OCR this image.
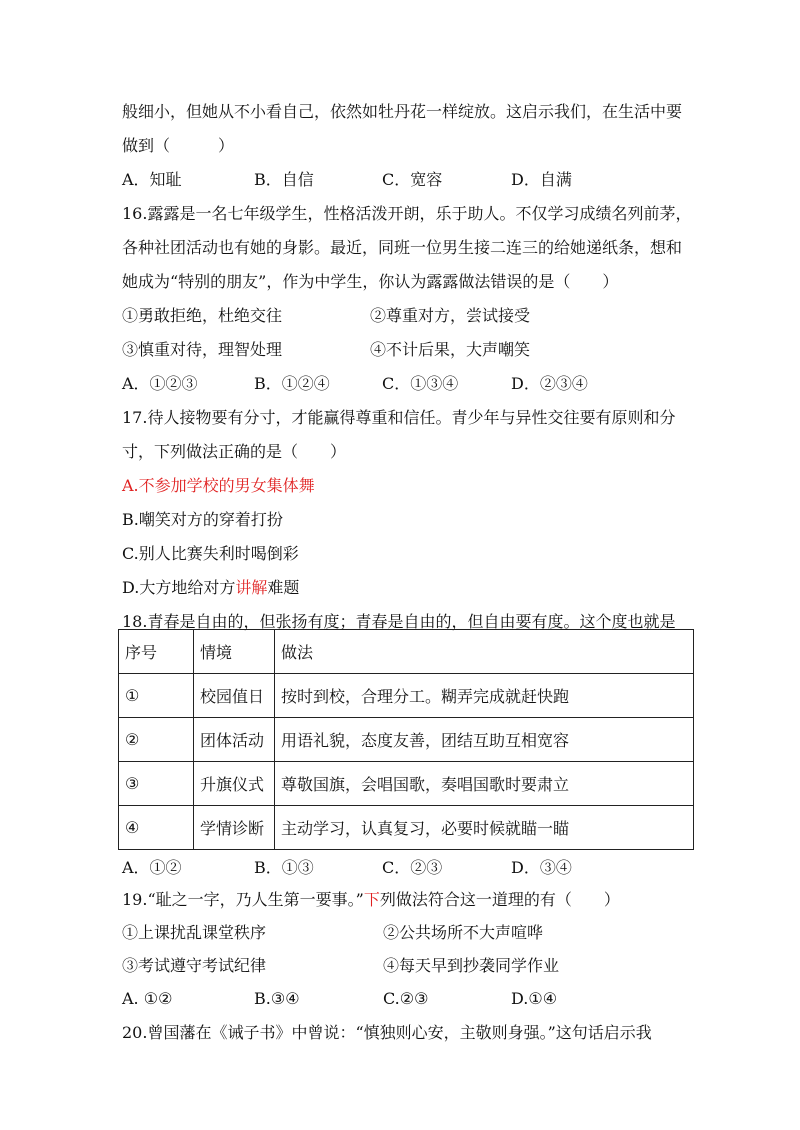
般细小，但她从不小看自己，依然如牡丹花一样绽放。这启示我们，在生活中要
做到（　　　）
A．知耻	B．自信	C．宽容	D．自满
16.露露是一名七年级学生，性格活泼开朗，乐于助人。不仅学习成绩名列前茅，
各种社团活动也有她的身影。最近，同班一位男生接二连三的给她递纸条，想和
她成为“特别的朋友”，作为中学生，你认为露露做法错误的是（　　）
①勇敢拒绝，杜绝交往	②尊重对方，尝试接受
③慎重对待，理智处理	④不计后果，大声嘲笑
A．①②③	B．①②④	C．①③④	D．②③④
17.待人接物要有分寸，才能赢得尊重和信任。青少年与异性交往要有原则和分
寸，下列做法正确的是（　　）
A.不参加学校的男女集体舞
B.嘲笑对方的穿着打扮
C.别人比赛失利时喝倒彩
D.大方地给对方讲解难题
18.青春是自由的，但张扬有度；青春是自由的，但自由要有度。这个度也就是
序号	情境	做法
①	校园值日	按时到校，合理分工。糊弄完成就赶快跑
②	团体活动	用语礼貌，态度友善，团结互助互相宽容
③	升旗仪式	尊敬国旗，会唱国歌，奏唱国歌时要肃立
④	学情诊断	主动学习，认真复习，必要时候就瞄一瞄
A．①②	B．①③	C．②③	D．③④
19.“耻之一字，乃人生第一要事。”下列做法符合这一道理的有（　　）
①上课扰乱课堂秩序	②公共场所不大声喧哗
③考试遵守考试纪律	④每天早到抄袭同学作业
A. ①②	B.③④	C.②③	D.①④
20.曾国藩在《诫子书》中曾说：“慎独则心安，主敬则身强。”这句话启示我
